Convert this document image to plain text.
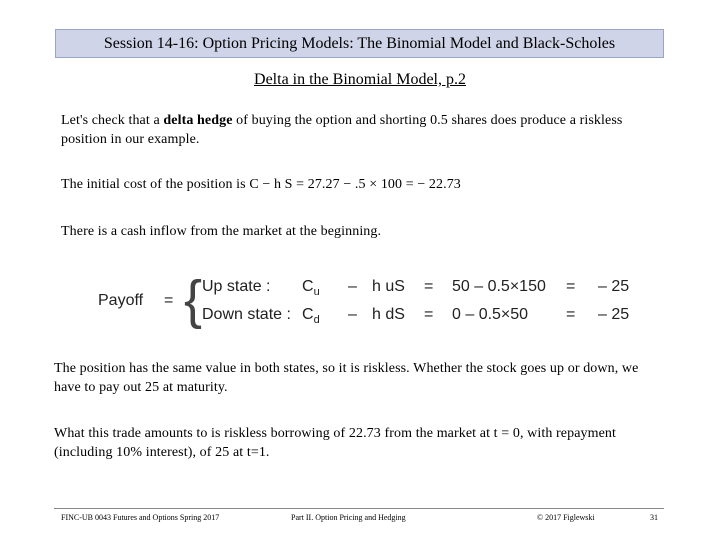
Session 14-16: Option Pricing Models: The Binomial Model and Black-Scholes
Delta in the Binomial Model, p.2
Let's check that a delta hedge of buying the option and shorting 0.5 shares does produce a riskless position in our example.
The initial cost of the position is C − h S = 27.27 − .5 × 100 = − 22.73
There is a cash inflow from the market at the beginning.
Payoff = { Up state : $C_u$ – h uS = 50 – 0.5×150 = – 25
Down state : $C_d$ – h dS = 0 – 0.5×50 = – 25
The position has the same value in both states, so it is riskless. Whether the stock goes up or down, we have to pay out 25 at maturity.
What this trade amounts to is riskless borrowing of 22.73 from the market at t = 0, with repayment (including 10% interest), of 25 at t=1.
FINC-UB 0043 Futures and Options Spring 2017	Part II. Option Pricing and Hedging	© 2017 Figlewski	31
